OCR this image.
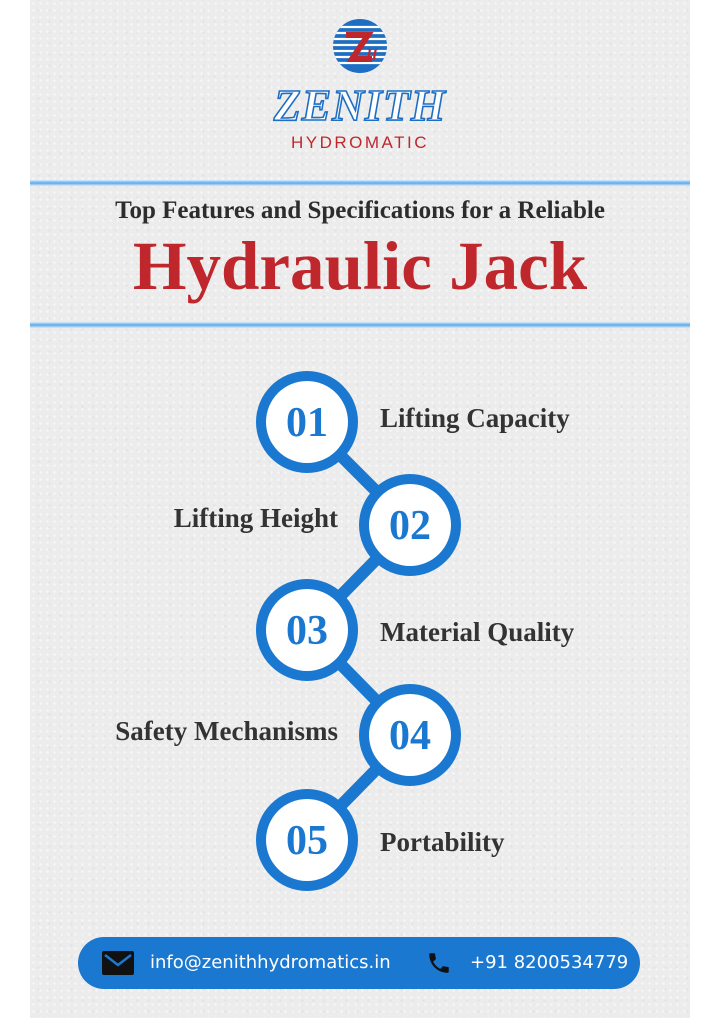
H
ZENITH
HYDROMATIC
Top Features and Specifications for a Reliable
Hydraulic Jack
01
02
03
04
05
Lifting Capacity
Lifting Height
Material Quality
Safety Mechanisms
Portability
info@zenithhydromatics.in	+91 8200534779
